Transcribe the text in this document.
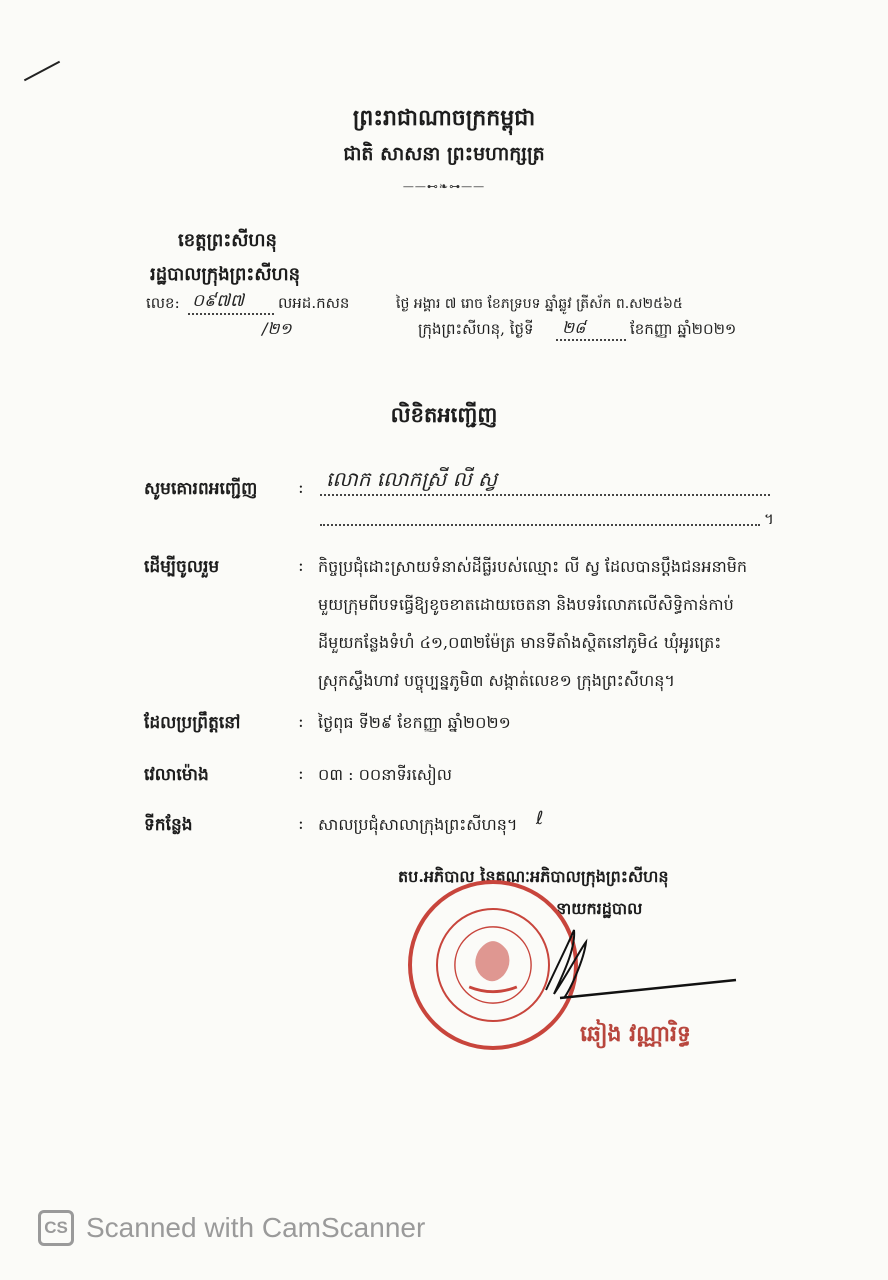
ព្រះរាជាណាចក្រកម្ពុជា
ជាតិ សាសនា ព្រះមហាក្សត្រ
——⊷❧⊶——
ខេត្តព្រះសីហនុ
រដ្ឋបាលក្រុងព្រះសីហនុ
លេខ: ០៩៧៧ លអដ.កសន
/២១
ថ្ងៃ អង្គារ ៧ រោច ខែភទ្របទ ឆ្នាំឆ្លូវ ត្រីស័ក ព.ស២៥៦៥
ក្រុងព្រះសីហនុ, ថ្ងៃទី ២៨	ខែកញ្ញា ឆ្នាំ២០២១
លិខិតអញ្ជើញ
សូមគោរពអញ្ជើញ : លោក លោកស្រី លី ស្វ
។
ដើម្បីចូលរួម	: កិច្ចប្រជុំដោះស្រាយទំនាស់ដីធ្លីរបស់ឈ្មោះ លី ស្វ ដែលបានប្តឹងជនអនាមិក
មួយក្រុមពីបទធ្វើឱ្យខូចខាតដោយចេតនា និងបទរំលោភលើសិទ្ធិកាន់កាប់
ដីមួយកន្លែងទំហំ ៤១,០៣២ម៉ែត្រ មានទីតាំងស្ថិតនៅភូមិ៤ ឃុំអូរត្រេះ
ស្រុកស្ទឹងហាវ បច្ចុប្បន្នភូមិ៣ សង្កាត់លេខ១ ក្រុងព្រះសីហនុ។
ដែលប្រព្រឹត្តនៅ	: ថ្ងៃពុធ ទី២៩ ខែកញ្ញា ឆ្នាំ២០២១
វេលាម៉ោង	: ០៣ : ០០នាទីរសៀល
ទីកន្លែង	: សាលប្រជុំសាលាក្រុងព្រះសីហនុ។ ℓ
តប.អភិបាល នៃគណៈអភិបាលក្រុងព្រះសីហនុ
នាយករដ្ឋបាល
ឆៀង វណ្ណារិទ្ធ
CS Scanned with CamScanner
